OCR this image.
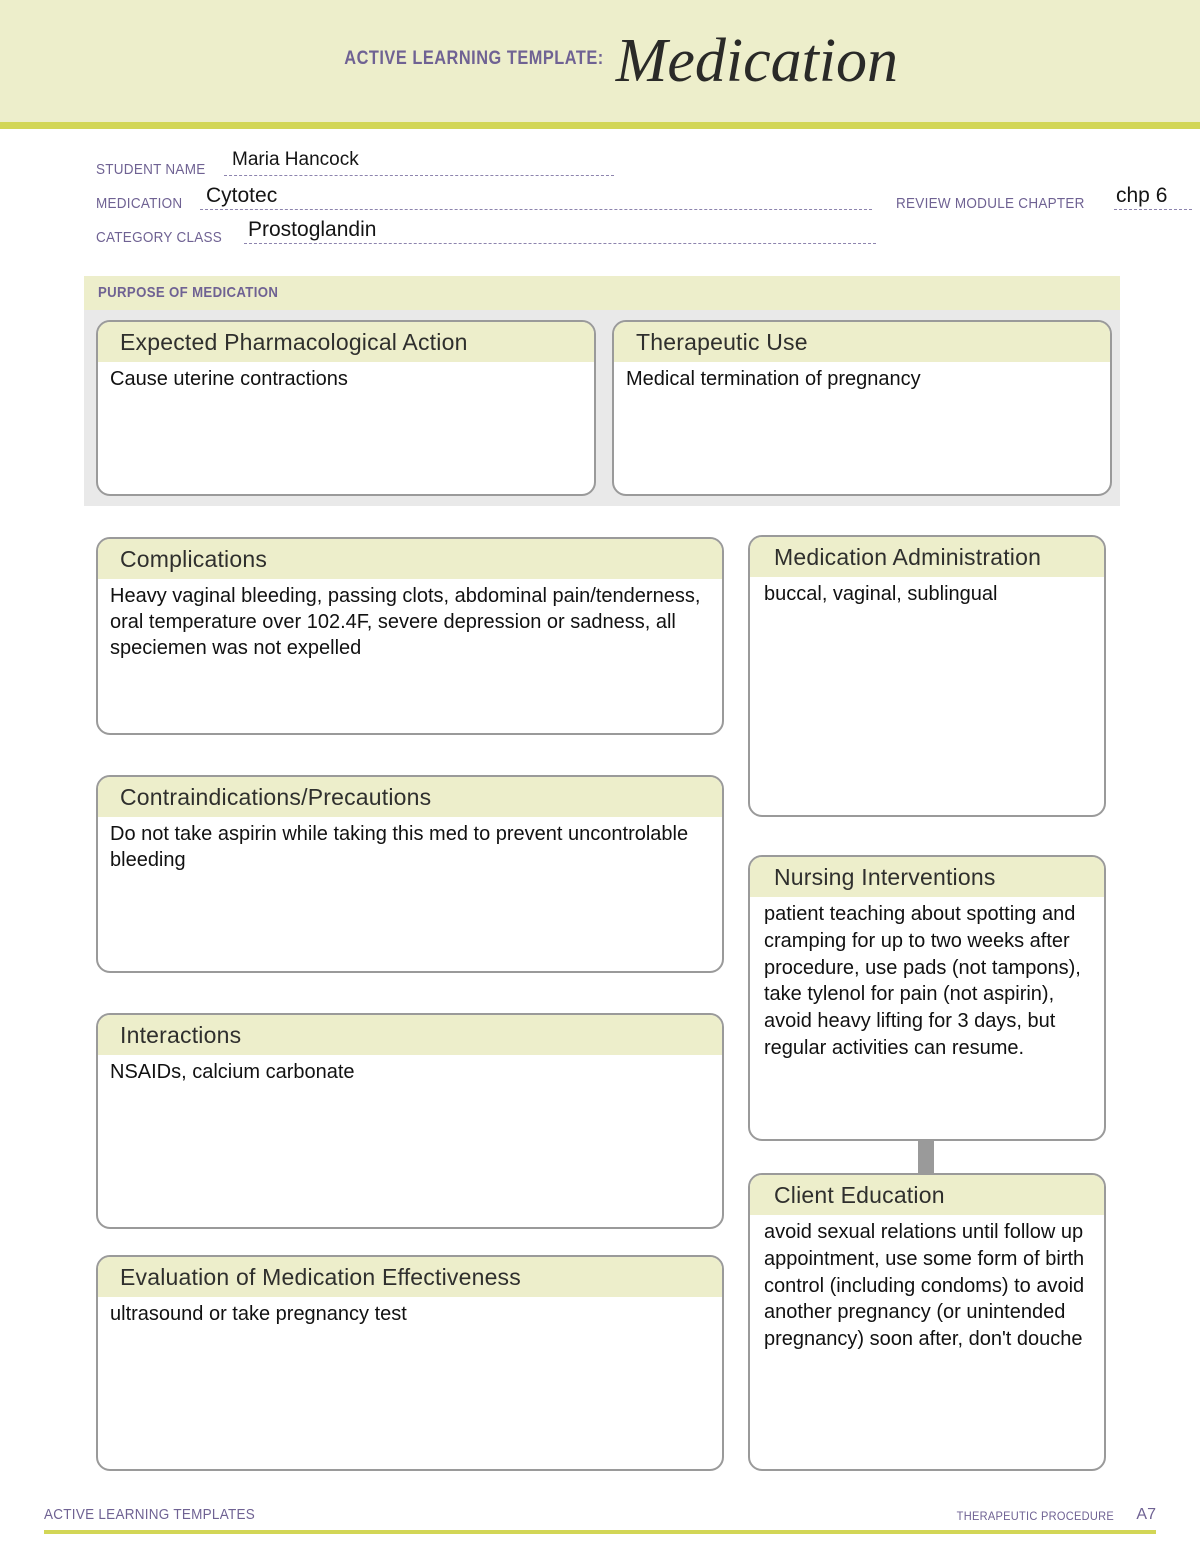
ACTIVE LEARNING TEMPLATE: Medication
STUDENT NAME Maria Hancock
MEDICATION Cytotec	REVIEW MODULE CHAPTER chp 6
CATEGORY CLASS Prostoglandin
PURPOSE OF MEDICATION
Expected Pharmacological Action
Cause uterine contractions
Therapeutic Use
Medical termination of pregnancy
Complications
Heavy vaginal bleeding, passing clots, abdominal pain/tenderness, oral temperature over 102.4F, severe depression or sadness, all speciemen was not expelled
Contraindications/Precautions
Do not take aspirin while taking this med to prevent uncontrolable bleeding
Interactions
NSAIDs, calcium carbonate
Evaluation of Medication Effectiveness
ultrasound or take pregnancy test
Medication Administration
buccal, vaginal, sublingual
Nursing Interventions
patient teaching about spotting and cramping for up to two weeks after procedure, use pads (not tampons), take tylenol for pain (not aspirin), avoid heavy lifting for 3 days, but regular activities can resume.
Client Education
avoid sexual relations until follow up appointment, use some form of birth control (including condoms) to avoid another pregnancy (or unintended pregnancy) soon after, don't douche
ACTIVE LEARNING TEMPLATES	THERAPEUTIC PROCEDURE A7
